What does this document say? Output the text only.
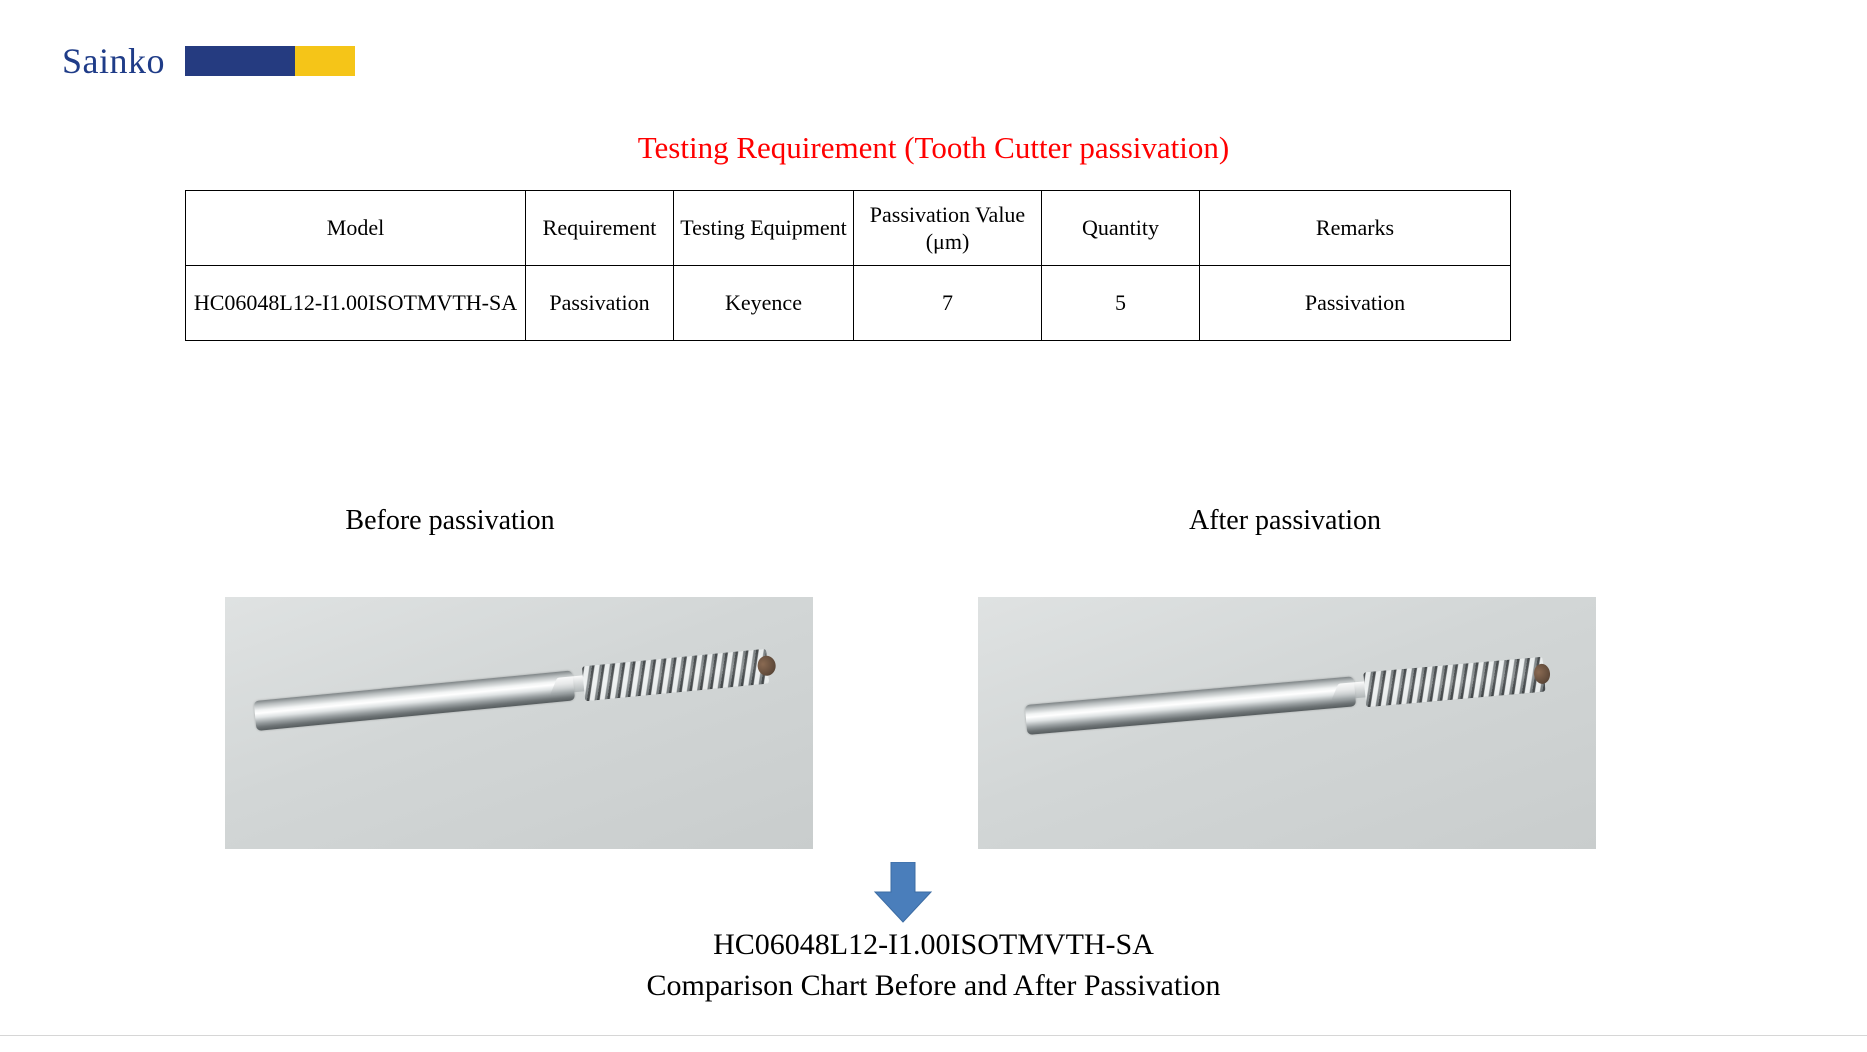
Sainko
Testing Requirement (Tooth Cutter passivation)
Model	Requirement	Testing Equipment	Passivation Value (μm)	Quantity	Remarks
HC06048L12-I1.00ISOTMVTH-SA	Passivation	Keyence	7	5	Passivation
Before passivation	After passivation
HC06048L12-I1.00ISOTMVTH-SA
Comparison Chart Before and After Passivation
